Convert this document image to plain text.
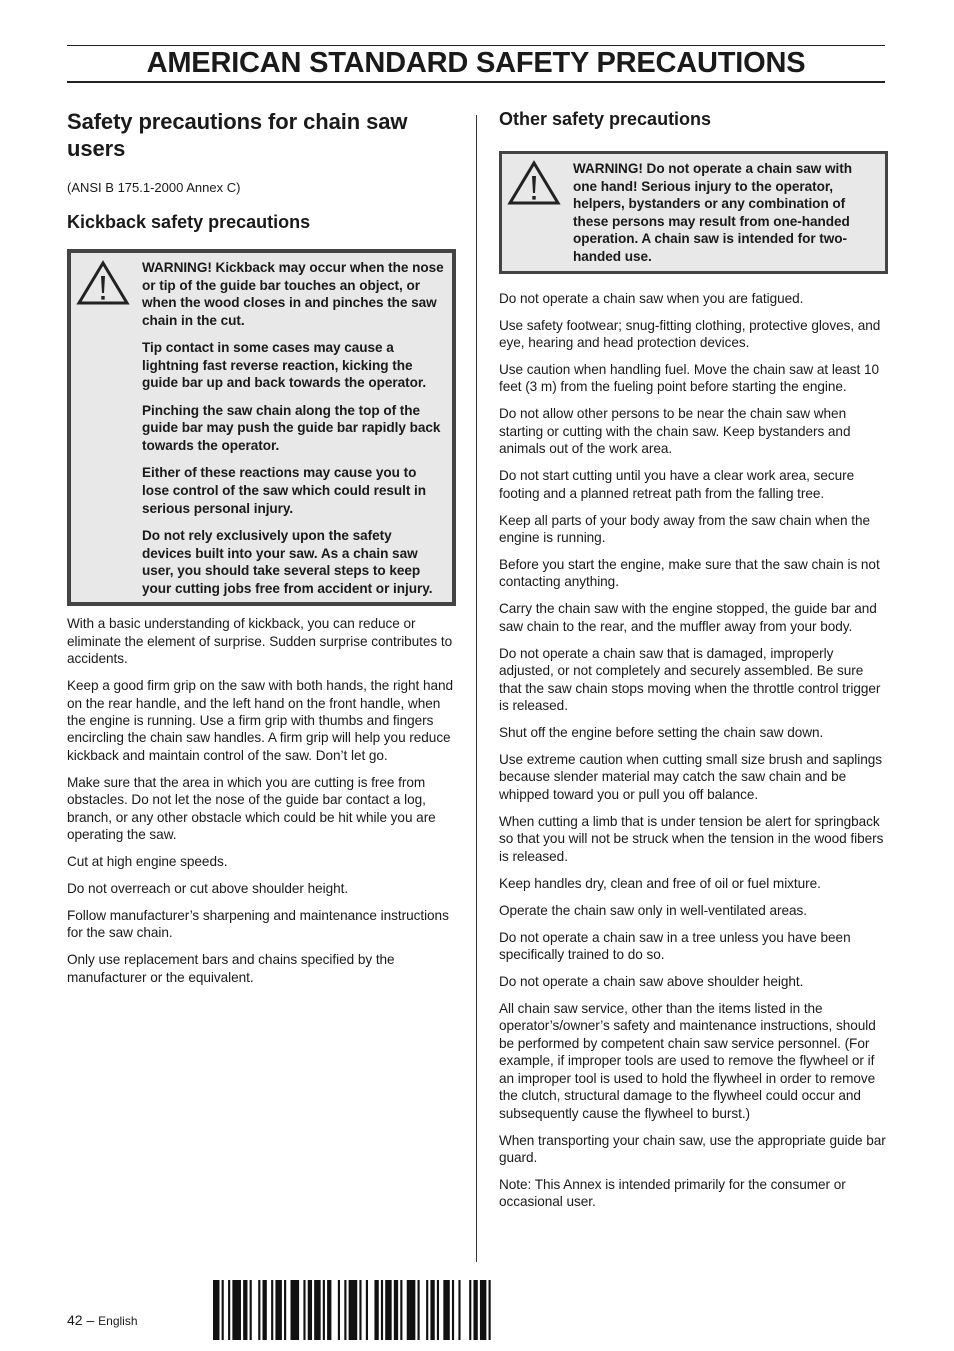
AMERICAN STANDARD SAFETY PRECAUTIONS
Safety precautions for chain saw users

(ANSI B 175.1-2000 Annex C)

Kickback safety precautions

WARNING! Kickback may occur when the nose or tip of the guide bar touches an object, or when the wood closes in and pinches the saw chain in the cut.

Tip contact in some cases may cause a lightning fast reverse reaction, kicking the guide bar up and back towards the operator.

Pinching the saw chain along the top of the guide bar may push the guide bar rapidly back towards the operator.

Either of these reactions may cause you to lose control of the saw which could result in serious personal injury.

Do not rely exclusively upon the safety devices built into your saw. As a chain saw user, you should take several steps to keep your cutting jobs free from accident or injury.

With a basic understanding of kickback, you can reduce or eliminate the element of surprise. Sudden surprise contributes to accidents.

Keep a good firm grip on the saw with both hands, the right hand on the rear handle, and the left hand on the front handle, when the engine is running. Use a firm grip with thumbs and fingers encircling the chain saw handles. A firm grip will help you reduce kickback and maintain control of the saw. Don’t let go.

Make sure that the area in which you are cutting is free from obstacles. Do not let the nose of the guide bar contact a log, branch, or any other obstacle which could be hit while you are operating the saw.

Cut at high engine speeds.

Do not overreach or cut above shoulder height.

Follow manufacturer’s sharpening and maintenance instructions for the saw chain.

Only use replacement bars and chains specified by the manufacturer or the equivalent.

Other safety precautions

WARNING! Do not operate a chain saw with one hand! Serious injury to the operator, helpers, bystanders or any combination of these persons may result from one-handed operation. A chain saw is intended for two-handed use.

Do not operate a chain saw when you are fatigued.

Use safety footwear; snug-fitting clothing, protective gloves, and eye, hearing and head protection devices.

Use caution when handling fuel. Move the chain saw at least 10 feet (3 m) from the fueling point before starting the engine.

Do not allow other persons to be near the chain saw when starting or cutting with the chain saw. Keep bystanders and animals out of the work area.

Do not start cutting until you have a clear work area, secure footing and a planned retreat path from the falling tree.

Keep all parts of your body away from the saw chain when the engine is running.

Before you start the engine, make sure that the saw chain is not contacting anything.

Carry the chain saw with the engine stopped, the guide bar and saw chain to the rear, and the muffler away from your body.

Do not operate a chain saw that is damaged, improperly adjusted, or not completely and securely assembled. Be sure that the saw chain stops moving when the throttle control trigger is released.

Shut off the engine before setting the chain saw down.

Use extreme caution when cutting small size brush and saplings because slender material may catch the saw chain and be whipped toward you or pull you off balance.

When cutting a limb that is under tension be alert for springback so that you will not be struck when the tension in the wood fibers is released.

Keep handles dry, clean and free of oil or fuel mixture.

Operate the chain saw only in well-ventilated areas.

Do not operate a chain saw in a tree unless you have been specifically trained to do so.

Do not operate a chain saw above shoulder height.

All chain saw service, other than the items listed in the operator’s/owner’s safety and maintenance instructions, should be performed by competent chain saw service personnel. (For example, if improper tools are used to remove the flywheel or if an improper tool is used to hold the flywheel in order to remove the clutch, structural damage to the flywheel could occur and subsequently cause the flywheel to burst.)

When transporting your chain saw, use the appropriate guide bar guard.

Note: This Annex is intended primarily for the consumer or occasional user.

42 – English
